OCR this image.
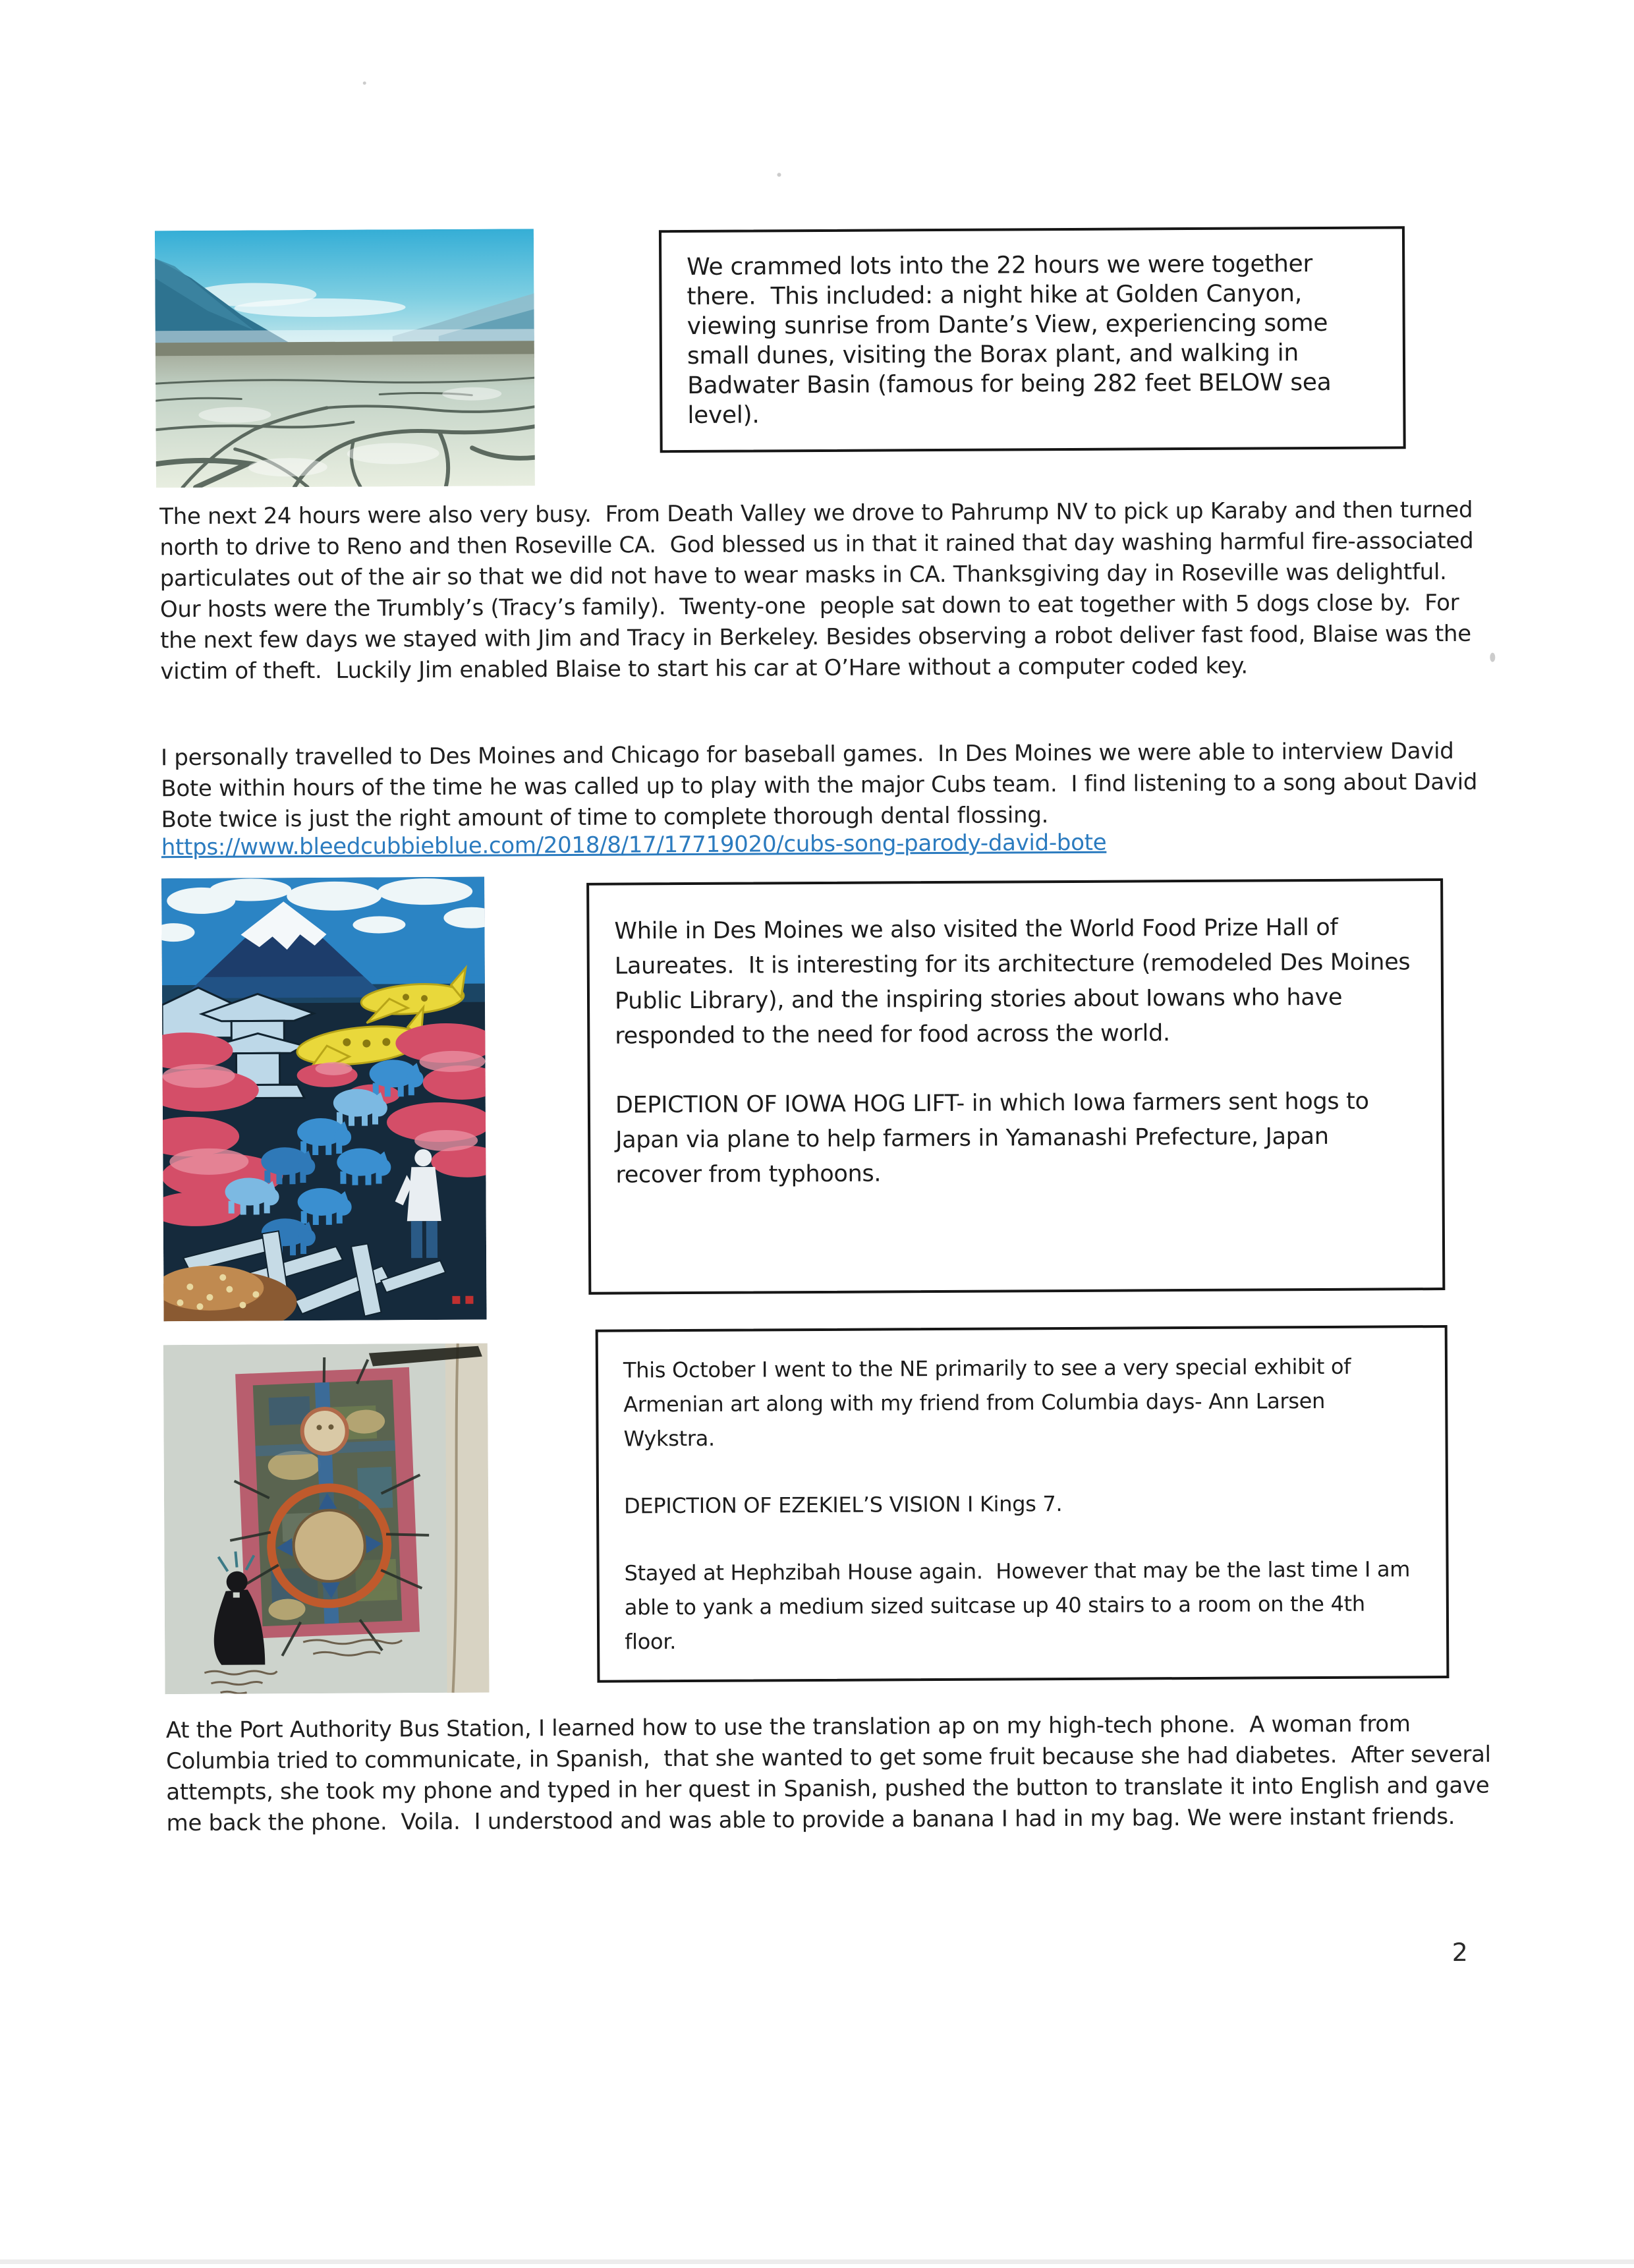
We crammed lots into the 22 hours we were together there.  This included: a night hike at Golden Canyon, viewing sunrise from Dante’s View, experiencing some small dunes, visiting the Borax plant, and walking in Badwater Basin (famous for being 282 feet BELOW sea level).

The next 24 hours were also very busy.  From Death Valley we drove to Pahrump NV to pick up Karaby and then turned north to drive to Reno and then Roseville CA.  God blessed us in that it rained that day washing harmful fire-associated particulates out of the air so that we did not have to wear masks in CA. Thanksgiving day in Roseville was delightful.  Our hosts were the Trumbly’s (Tracy’s family).  Twenty-one  people sat down to eat together with 5 dogs close by.  For the next few days we stayed with Jim and Tracy in Berkeley. Besides observing a robot deliver fast food, Blaise was the victim of theft.  Luckily Jim enabled Blaise to start his car at O’Hare without a computer coded key.
I personally travelled to Des Moines and Chicago for baseball games.  In Des Moines we were able to interview David Bote within hours of the time he was called up to play with the major Cubs team.  I find listening to a song about David Bote twice is just the right amount of time to complete thorough dental flossing.
https://www.bleedcubbieblue.com/2018/8/17/17719020/cubs-song-parody-david-bote

While in Des Moines we also visited the World Food Prize Hall of Laureates.  It is interesting for its architecture (remodeled Des Moines Public Library), and the inspiring stories about Iowans who have responded to the need for food across the world.

DEPICTION OF IOWA HOG LIFT- in which Iowa farmers sent hogs to Japan via plane to help farmers in Yamanashi Prefecture, Japan recover from typhoons.

This October I went to the NE primarily to see a very special exhibit of Armenian art along with my friend from Columbia days- Ann Larsen Wykstra.

DEPICTION OF EZEKIEL’S VISION I Kings 7.

Stayed at Hephzibah House again.  However that may be the last time I am able to yank a medium sized suitcase up 40 stairs to a room on the 4th floor.

At the Port Authority Bus Station, I learned how to use the translation ap on my high-tech phone.  A woman from Columbia tried to communicate, in Spanish,  that she wanted to get some fruit because she had diabetes.  After several attempts, she took my phone and typed in her quest in Spanish, pushed the button to translate it into English and gave me back the phone.  Voila.  I understood and was able to provide a banana I had in my bag. We were instant friends.
2
